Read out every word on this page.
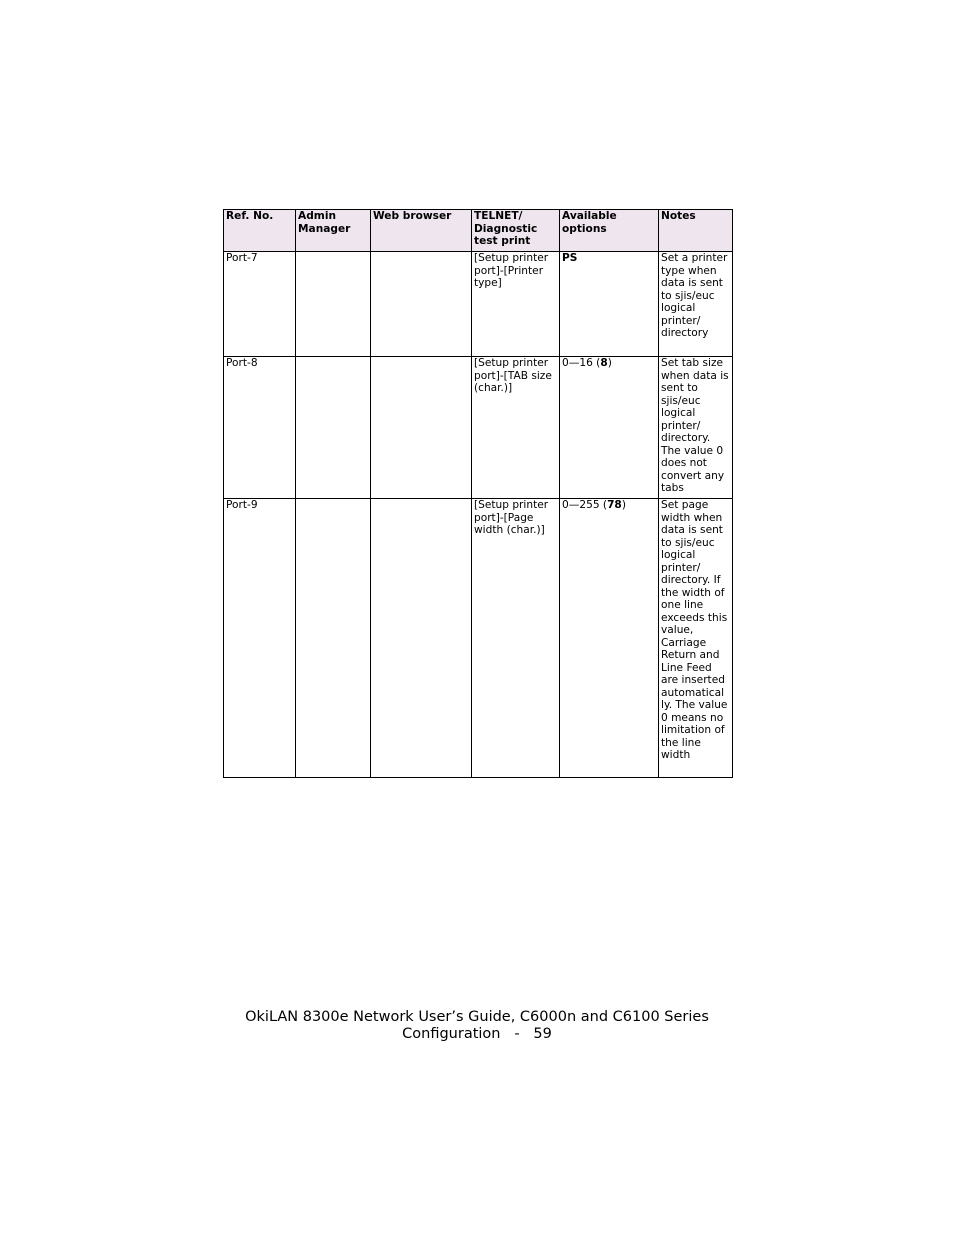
Ref. No.	Admin Manager	Web browser	TELNET/ Diagnostic test print	Available options	Notes
Port-7			[Setup printer port]-[Printer type]	PS	Set a printer type when data is sent to sjis/euc logical printer/ directory
Port-8			[Setup printer port]-[TAB size (char.)]	0—16 (8)	Set tab size when data is sent to sjis/euc logical printer/ directory. The value 0 does not convert any tabs
Port-9			[Setup printer port]-[Page width (char.)]	0—255 (78)	Set page width when data is sent to sjis/euc logical printer/ directory. If the width of one line exceeds this value, Carriage Return and Line Feed are inserted automatical ly. The value 0 means no limitation of the line width
OkiLAN 8300e Network User’s Guide, C6000n and C6100 Series
Configuration   -   59
